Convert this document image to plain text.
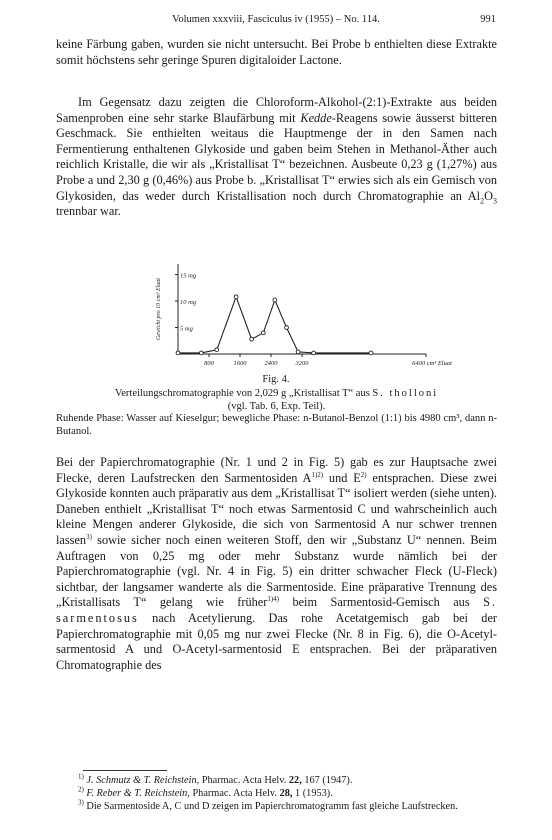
Volumen xxxviii, Fasciculus iv (1955) – No. 114.	991

keine Färbung gaben, wurden sie nicht untersucht. Bei Probe b enthielten diese Extrakte somit höchstens sehr geringe Spuren digitaloider Lactone.

Im Gegensatz dazu zeigten die Chloroform-Alkohol-(2:1)-Extrakte aus beiden Samenproben eine sehr starke Blaufärbung mit Kedde-Reagens sowie äusserst bitteren Geschmack. Sie enthielten weitaus die Hauptmenge der in den Samen nach Fermentierung enthaltenen Glykoside und gaben beim Stehen in Methanol-Äther auch reichlich Kristalle, die wir als „Kristallisat T“ bezeichnen. Ausbeute 0,23 g (1,27%) aus Probe a und 2,30 g (0,46%) aus Probe b. „Kristallisat T“ erwies sich als ein Gemisch von Glykosiden, das weder durch Kristallisation noch durch Chromatographie an $Al_2O_3$ trennbar war.

15 mg
10 mg
5 mg
Gewicht pro 10 cm³ Eluat
800	1600	2400	3200	6400 cm³ Eluat
Fig. 4.
Verteilungschromatographie von 2,029 g „Kristallisat T“ aus S. tholloni
(vgl. Tab. 6, Exp. Teil).
Ruhende Phase: Wasser auf Kieselgur; bewegliche Phase: n-Butanol-Benzol (1:1) bis 4980 cm³, dann n-Butanol.

Bei der Papierchromatographie (Nr. 1 und 2 in Fig. 5) gab es zur Hauptsache zwei Flecke, deren Laufstrecken den Sarmentosiden $A^{1)2)}$ und $E^{2)}$ entsprachen. Diese zwei Glykoside konnten auch präparativ aus dem „Kristallisat T“ isoliert werden (siehe unten). Daneben enthielt „Kristallisat T“ noch etwas Sarmentosid C und wahrscheinlich auch kleine Mengen anderer Glykoside, die sich von Sarmentosid A nur schwer trennen lassen$^{3)}$ sowie sicher noch einen weiteren Stoff, den wir „Substanz U“ nennen. Beim Auftragen von 0,25 mg oder mehr Substanz wurde nämlich bei der Papierchromatographie (vgl. Nr. 4 in Fig. 5) ein dritter schwacher Fleck (U-Fleck) sichtbar, der langsamer wanderte als die Sarmentoside. Eine präparative Trennung des „Kristallisats T“ gelang wie früher$^{1)4)}$ beim Sarmentosid-Gemisch aus S. sarmentosus nach Acetylierung. Das rohe Acetatgemisch gab bei der Papierchromatographie mit 0,05 mg nur zwei Flecke (Nr. 8 in Fig. 6), die O-Acetyl-sarmentosid A und O-Acetyl-sarmentosid E entsprachen. Bei der präparativen Chromatographie des

$^{1)}$ J. Schmutz & T. Reichstein, Pharmac. Acta Helv. 22, 167 (1947).
$^{2)}$ F. Reber & T. Reichstein, Pharmac. Acta Helv. 28, 1 (1953).
$^{3)}$ Die Sarmentoside A, C und D zeigen im Papierchromatogramm fast gleiche Laufstrecken.
